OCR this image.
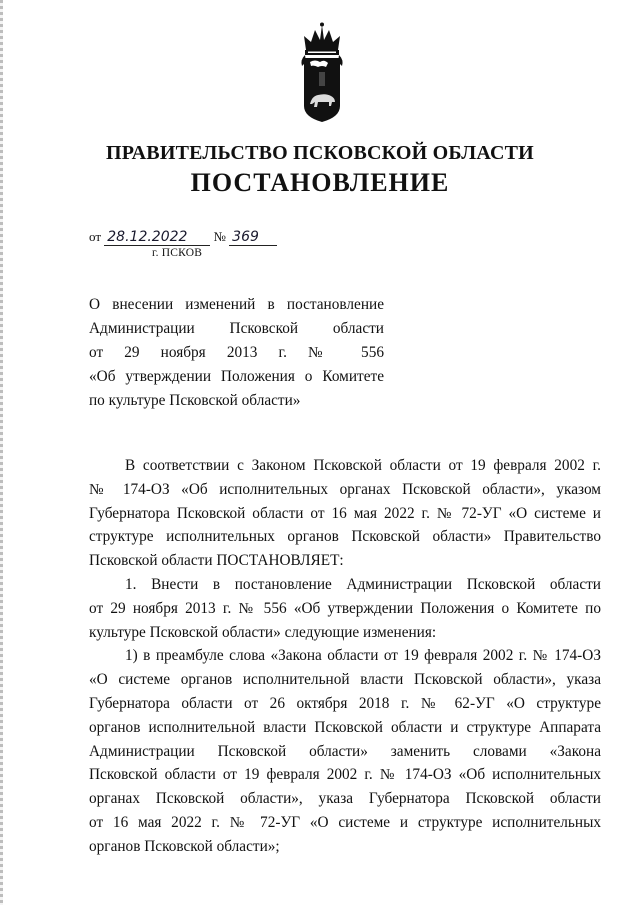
ПРАВИТЕЛЬСТВО ПСКОВСКОЙ ОБЛАСТИ
ПОСТАНОВЛЕНИЕ
от 28.12.2022 № 369
г. ПСКОВ
О внесении изменений в постановление
Администрации Псковской области
от 29 ноября 2013 г. № 556
«Об утверждении Положения о Комитете
по культуре Псковской области»
В соответствии с Законом Псковской области от 19 февраля 2002 г.
№ 174-ОЗ «Об исполнительных органах Псковской области», указом
Губернатора Псковской области от 16 мая 2022 г. № 72-УГ «О системе и
структуре исполнительных органов Псковской области» Правительство
Псковской области ПОСТАНОВЛЯЕТ:
1. Внести в постановление Администрации Псковской области
от 29 ноября 2013 г. № 556 «Об утверждении Положения о Комитете по
культуре Псковской области» следующие изменения:
1) в преамбуле слова «Закона области от 19 февраля 2002 г. № 174-ОЗ
«О системе органов исполнительной власти Псковской области», указа
Губернатора области от 26 октября 2018 г. № 62-УГ «О структуре
органов исполнительной власти Псковской области и структуре Аппарата
Администрации Псковской области» заменить словами «Закона
Псковской области от 19 февраля 2002 г. № 174-ОЗ «Об исполнительных
органах Псковской области», указа Губернатора Псковской области
от 16 мая 2022 г. № 72-УГ «О системе и структуре исполнительных
органов Псковской области»;
